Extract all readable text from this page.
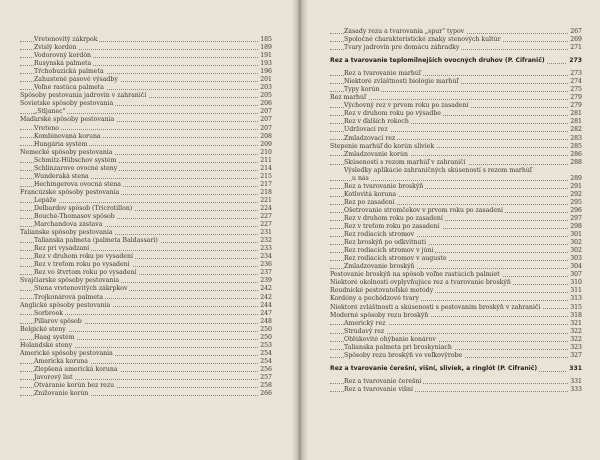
Vretenovitý zákrpok	185
Zvislý kordón	189
Vodorovný kordón	191
Rusynská palmeta	193
Tŕchobuzická palmeta	196
Zahustené pásové výsadby	201
Voľne rastúca palmeta	203
Spôsoby pestovania jadrovín v zahraničí	205
Sovietske spôsoby pestovania	206
„Stljanec"	207
Maďarské spôsoby pestovania	207
Vreteno	207
Kombinovaná koruna	208
Hungária systém	209
Nemecké spôsoby pestovania	210
Schmitz-Hübschov systém	211
Schlinzarove ovocné steny	214
Wunderaká stena	215
Hechingerova ovocná stena	217
Francúzske spôsoby pestovania	218
Lepáže	221
Delbardov spôsob (Tricrotillon)	224
Bouché-Thomasov spôsob	227
Marchandova zástava	227
Talianske spôsoby pestovania	231
Talianska palmeta (palmeta Baldassari)	232
Rez pri vysádzaní	233
Rez v druhom roku po vysadení	234
Rez v treťom roku po vysadení	236
Rez vo štvrtom roku po vysadení	237
Švajčiarske spôsoby pestovania	239
Stena vretenovitých zákrpkov	242
Trojkonárová palmeta	242
Anglické spôsoby pestovania	244
Sorbrook	247
Pillarov spôsob	248
Belgické steny	250
Haag systém	250
Holandské steny	253
Americké spôsoby pestovania	254
Americká koruna	254
Zlepšená americká koruna	256
Javorový list	257
Otváranie korún bez rezu	258
Znižovanie korún	266
Zásady rezu a tvarovania „spur" typov	267
Spoločné charakteristické znaky stenových kultúr	269
Tvary jadrovín pre domácu záhradky	271
Rez a tvarovanie teplomilnejších ovocných druhov (P. Cifranič)	273
Rez a tvarovanie marhúľ	273
Niektoré zvláštnosti biológie marhúľ	274
Typy korún	275
Rez marhúľ	279
Výchovný rez v prvom roku po zasadení	279
Rez v druhom roku po výsadbe	281
Rez v ďalších rokoch	281
Udržovací rez	282
Zmladzovací rez	283
Štepenie marhúľ do korún slivíek	285
Zmladzovanie korún	286
Skúsenosti s rezom marhúľ v zahraničí	288
Výsledky aplikácie zahraničných skúseností s rezom marhúľ
u nás	289
Rez a tvarovanie broskýň	291
Kotlovitá koruna	292
Rez po zasadení	295
Ošetrovanie stromčekov v prvom roku po zasadení	296
Rez v druhom roku po zasadení	297
Rez v treťom roku po zasadení	298
Rez rodiacich stromov	301
Rez broskýň po odkvitnutí	302
Rez rodiacich stromov v júni	302
Rez rodiacich stromov v auguste	303
Zmladzovanie broskýň	304
Pestovanie broskýň na spôsob voľne rastúcich palmiet	307
Niektoré okolnosti ovplyvňujúce rez a tvarovanie broskýň	310
Roudnické pestovateľské metódy	311
Kordóny a pochôdzové tvary	313
Niektoré zvláštnosti a skúsenosti s pestovaním broskýň v zahraničí	315
Moderné spôsoby rezu broskýň	318
Americký rez	321
Strúdavý rez	322
Oblúkovité ohýbanie konárov	322
Talianska palmeta pri broskyniach	323
Spôsoby rezu broskýň vo veľkovýrobe	327
Rez a tvarovanie čerešní, višní, slivíek, a ringlót (P. Cifranič)	331
Rez a tvarovanie čerešní	331
Rez a tvarovanie višní	333
